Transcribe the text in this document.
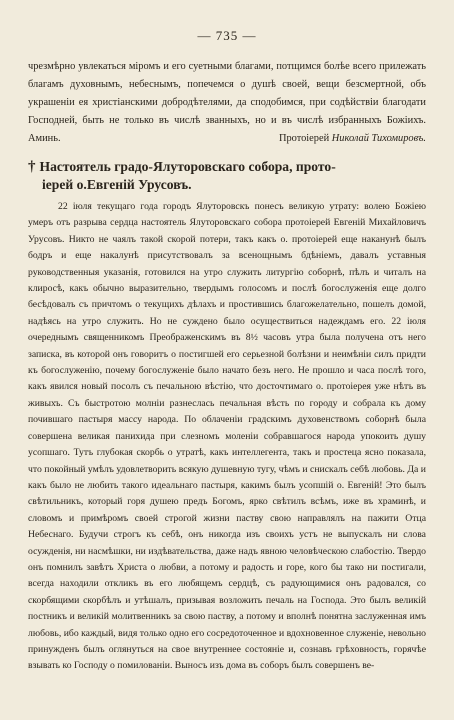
— 735 —

чрезмѣрно увлекаться міромъ и его суетными благами, потщимся болѣе всего прилежать благамъ духовнымъ, небеснымъ, попечемся о душѣ своей, вещи безсмертной, объ украшеніи ея христіанскими добродѣтелями, да сподобимся, при содѣйствіи благодати Господней, быть не только въ числѣ званныхъ, но и въ числѣ избранныхъ Божіихъ. Аминь.	Протоіерей Николай Тихомировъ.

† Настоятель градо-Ялуторовскаго собора, прото-
іерей о.Евгеній Урусовъ.

22 іюля текущаго года городъ Ялуторовскъ понесъ великую утрату: волею Божіею умеръ отъ разрыва сердца настоятель Ялуторовскаго собора протоіерей Евгеній Михайловичъ Урусовъ. Никто не чаялъ такой скорой потери, такъ какъ о. протоіерей еще наканунѣ былъ бодръ и еще накалунѣ присутствовалъ за всенощнымъ бдѣніемъ, давалъ уставныя руководственныя указанія, готовился на утро служить литургію соборнѣ, пѣлъ и читалъ на клиросѣ, какъ обычно выразительно, твердымъ голосомъ и послѣ богослуженія еще долго бесѣдовалъ съ причтомъ о текущихъ дѣлахъ и простившись благожелательно, пошелъ домой, надѣясь на утро служить. Но не суждено было осуществиться надеждамъ его. 22 іюля очереднымъ священникомъ Преображенскимъ въ 8½ часовъ утра была получена отъ него записка, въ которой онъ говоритъ о постигшей его серьезной болѣзни и неимѣніи силъ придти къ богослуженію, почему богослуженіе было начато безъ него. Не прошло и часа послѣ того, какъ явился новый посолъ съ печальною вѣстію, что досточтимаго о. протоіерея уже нѣтъ въ живыхъ. Съ быстротою молніи разнеслась печальная вѣсть по городу и собрала къ дому почившаго пастыря массу народа. По облаченіи градскимъ духовенствомъ соборнѣ была совершена великая панихида при слезномъ моленіи собравшагося народа упокоить душу усопшаго. Тутъ глубокая скорбь о утратѣ, какъ интеллегента, такъ и простеца ясно показала, что покойный умѣлъ удовлетворить всякую душевную тугу, чѣмъ и снискалъ себѣ любовь. Да и какъ было не любить такого идеальнаго пастыря, какимъ былъ усопшій о. Евгеній! Это былъ свѣтильникъ, который горя душею предъ Богомъ, ярко свѣтилъ всѣмъ, иже въ храминѣ, и словомъ и примѣромъ своей строгой жизни паству свою направлялъ на пажити Отца Небеснаго. Будучи строгъ къ себѣ, онъ никогда изъ своихъ устъ не выпускалъ ни слова осужденія, ни насмѣшки, ни издѣвательства, даже надъ явною человѣческою слабостію. Твердо онъ помнилъ завѣтъ Христа о любви, а потому и радость и горе, кого бы тако ни постигали, всегда находили откликъ въ его любящемъ сердцѣ, съ радующимися онъ радовался, со скорбящими скорбѣлъ и утѣшалъ, призывая возложить печаль на Господа. Это былъ великій постникъ и великій молитвенникъ за свою паству, а потому и вполнѣ понятна заслуженная имъ любовь, ибо каждый, видя только одно его сосредоточенное и вдохновенное служеніе, невольно принужденъ былъ оглянуться на свое внутреннее состояніе и, сознавъ грѣховность, горячѣе взывать ко Господу о помилованіи. Выносъ изъ дома въ соборъ былъ совершенъ ве-
